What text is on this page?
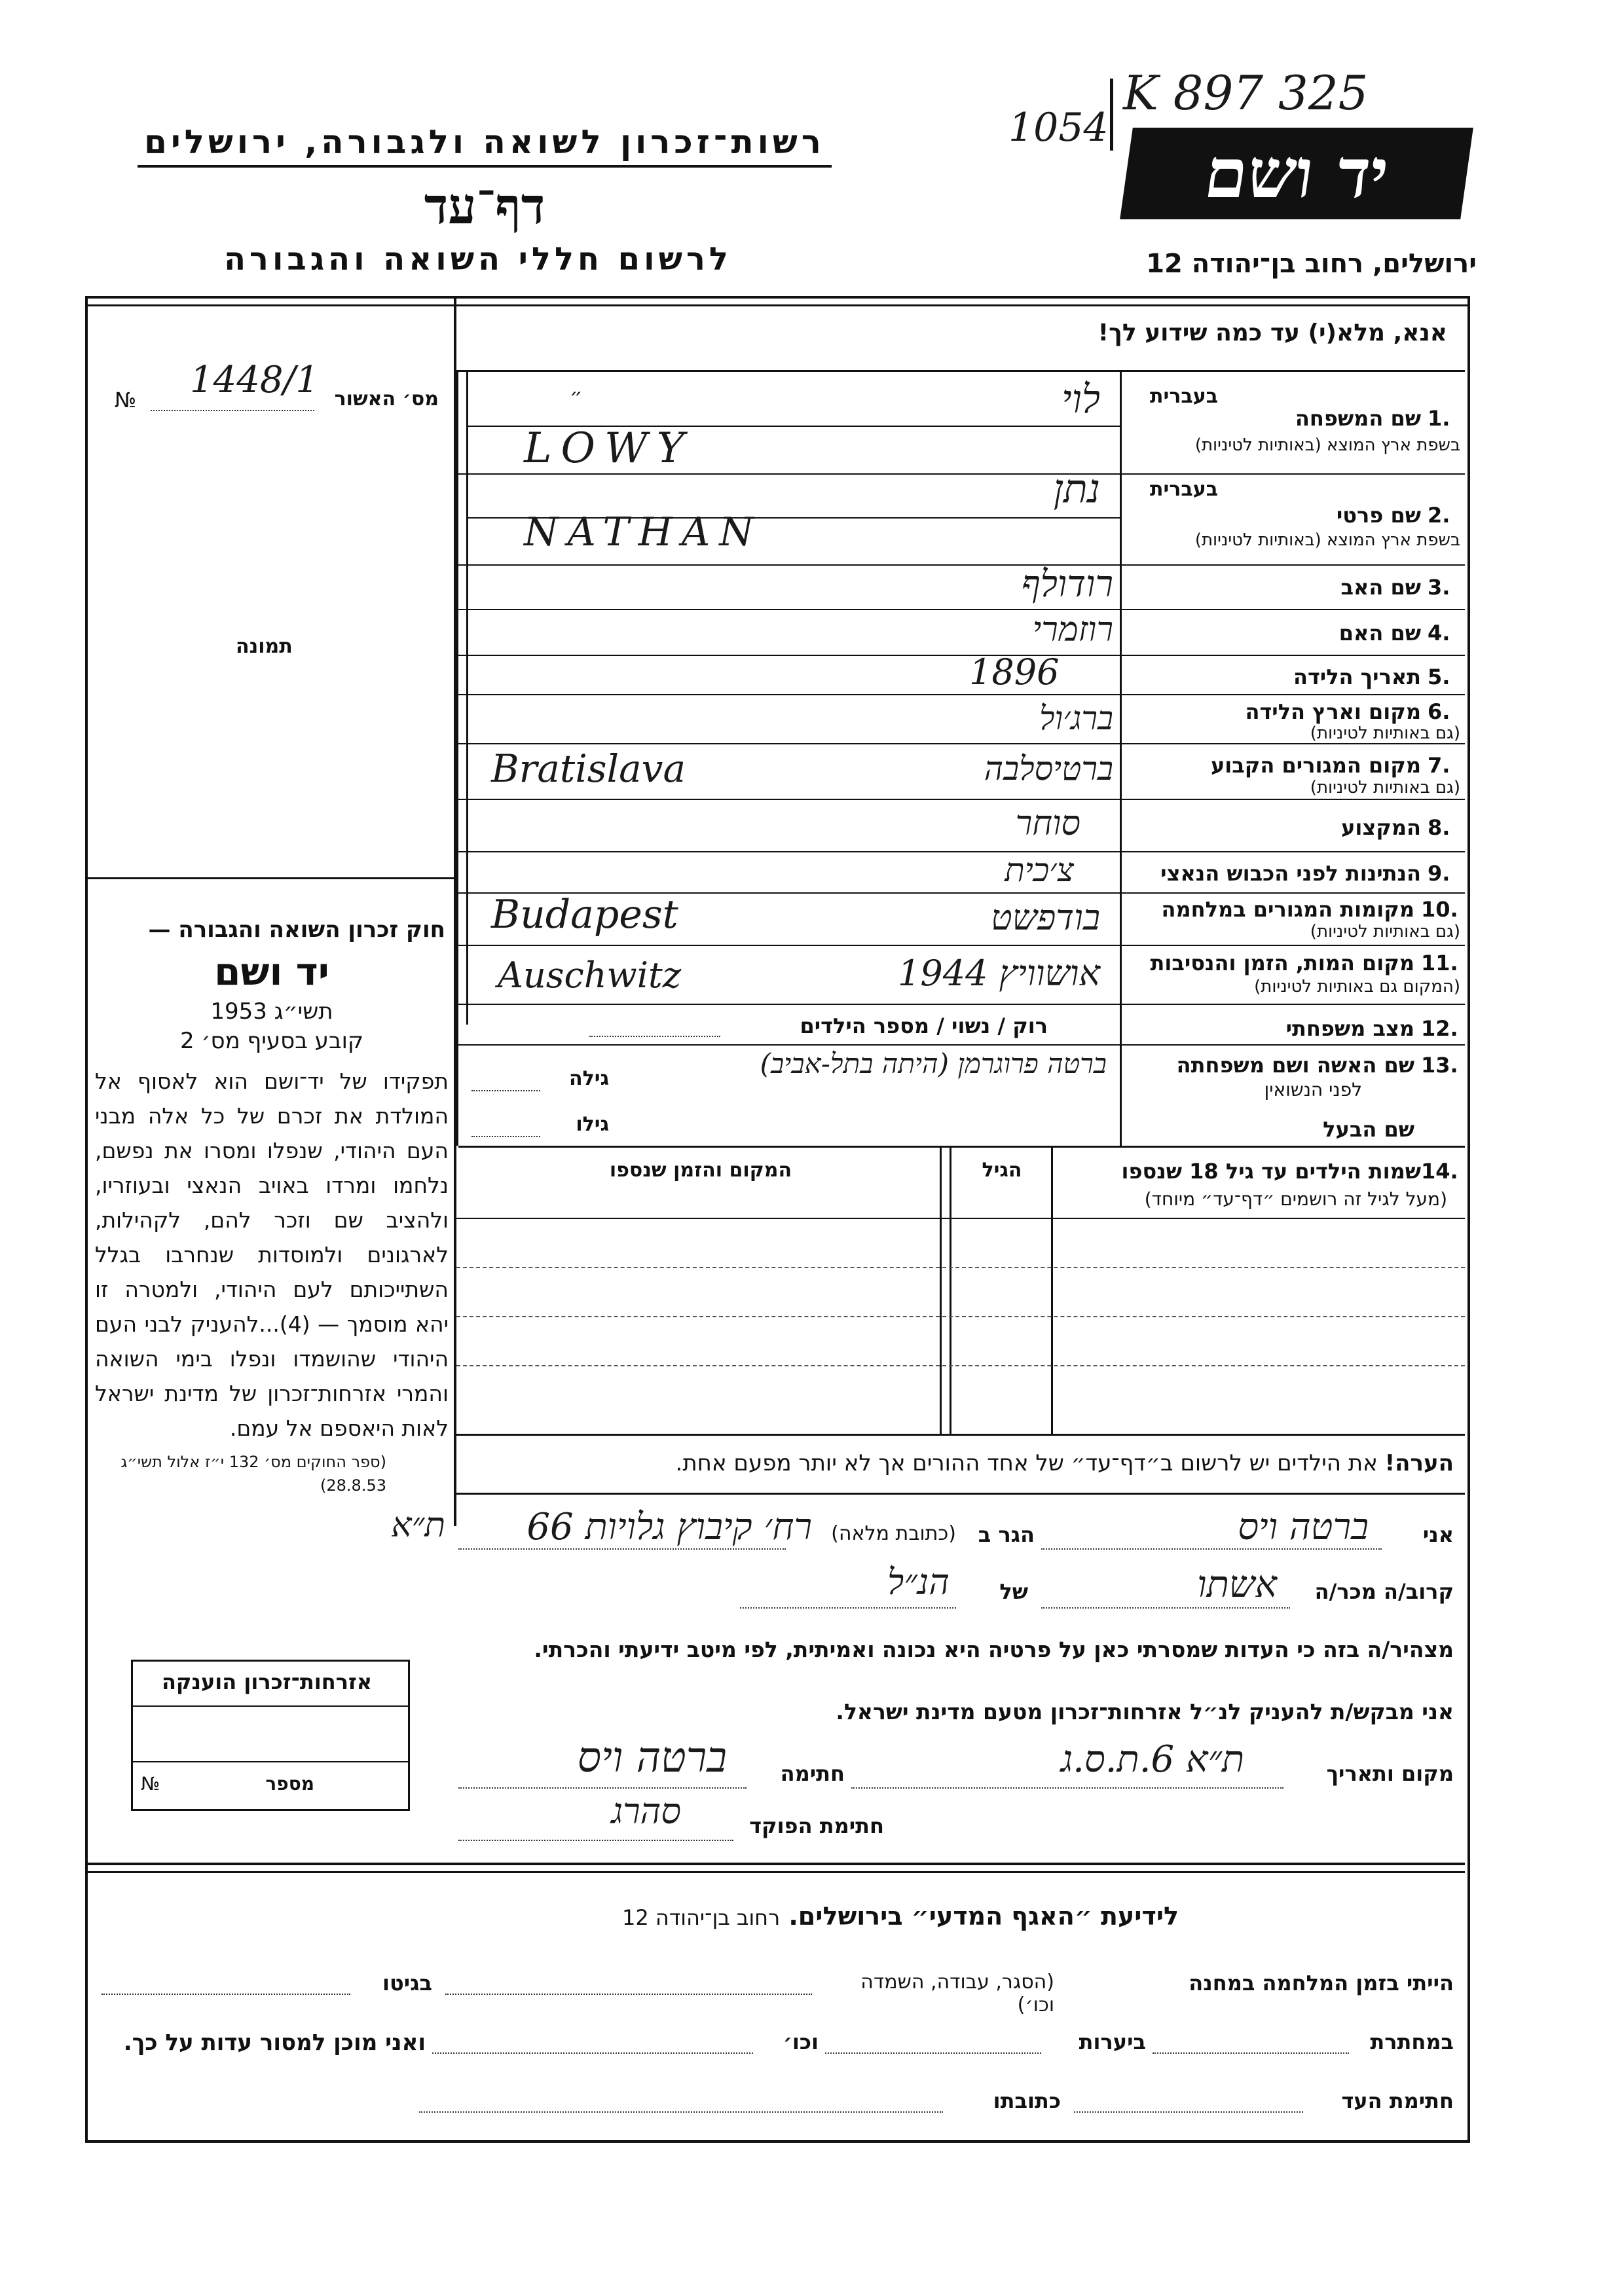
רשות־זכרון לשואה ולגבורה, ירושלים
דף־עד
לרשום חללי השואה והגבורה
1054
K 897 325
יד ושם
ירושלים, רחוב בן־יהודה 12
אנא, מלא(י) עד כמה שידוע לך!
№ 1448/1 מס׳ האשור
תמונה
חוק זכרון השואה והגבורה —
יד ושם
תשי״ג 1953
קובע בסעיף מס׳ 2
תפקידו של יד־ושם הוא לאסוף אל המולדת את זכרם של כל אלה מבני העם היהודי, שנפלו ומסרו את נפשם, נלחמו ומרדו באויב הנאצי ובעוזריו, ולהציב שם וזכר להם, לקהילות, לארגונים ולמוסדות שנחרבו בגלל השתייכותם לעם היהודי, ולמטרה זו יהא מוסמך — (4)...להעניק לבני העם היהודי שהושמדו ונפלו בימי השואה והמרי אזרחות־זכרון של מדינת ישראל לאות היאספם אל עמם.
(ספר החוקים מס׳ 132 י״ז אלול תשי״ג 28.8.53)
בעברית
1.
שם המשפחה
בשפת ארץ המוצא (באותיות לטיניות)
לוי
״
LOWY
בעברית
2.
שם פרטי
בשפת ארץ המוצא (באותיות לטיניות)
נתן
NATHAN
3.
שם האב
רודולף
4.
שם האם
רוזמרי
5.
תאריך הלידה
1896
6.
מקום וארץ הלידה
(גם באותיות לטיניות)
ברג׳ול
7.
מקום המגורים הקבוע
(גם באותיות לטיניות)
ברטיסלבה
Bratislava
8.
המקצוע
סוחר
9.
הנתינות לפני הכבוש הנאצי
צ׳כית
10.
מקומות המגורים במלחמה
(גם באותיות לטיניות)
בודפשט
Budapest
11.
מקום המות, הזמן והנסיבות
(המקום גם באותיות לטיניות)
אושוויץ 1944
Auschwitz
12.
מצב משפחתי
רוק / נשוי / מספר הילדים
13.
שם האשה ושם משפחתה
לפני הנשואין
ברטה פרוגרמן (היתה בתל-אביב)
גילה
שם הבעל
גילו
14.
שמות הילדים עד גיל 18 שנספו
(מעל לגיל זה רושמים ״דף־עד״ מיוחד)
הגיל
המקום והזמן שנספו
הערה! את הילדים יש לרשום ב״דף־עד״ של אחד ההורים אך לא יותר מפעם אחת.
אני
ברטה ויס
הגר ב
(כתובת מלאה)
רח׳ קיבוץ גלויות 66
ת״א
קרוב/ה מכר/ה
אשתו
של
הנ״ל
מצהיר/ה בזה כי העדות שמסרתי כאן על פרטיה היא נכונה ואמיתית, לפי מיטב ידיעתי והכרתי.
אני מבקש/ת להעניק לנ״ל אזרחות־זכרון מטעם מדינת ישראל.
מקום ותאריך
ת״א 6.ת.ס.ג
חתימה
ברטה ויס
חתימת הפוקד
סהרג
אזרחות־זכרון הוענקה
מספר
№
לידיעת ״האגף המדעי״ בירושלים. רחוב בן־יהודה 12
הייתי בזמן המלחמה במחנה
(הסגר, עבודה, השמדה וכו׳)
בגיטו
במחתרת
ביערות
וכו׳
ואני מוכן למסור עדות על כך.
חתימת העד
כתובתו
